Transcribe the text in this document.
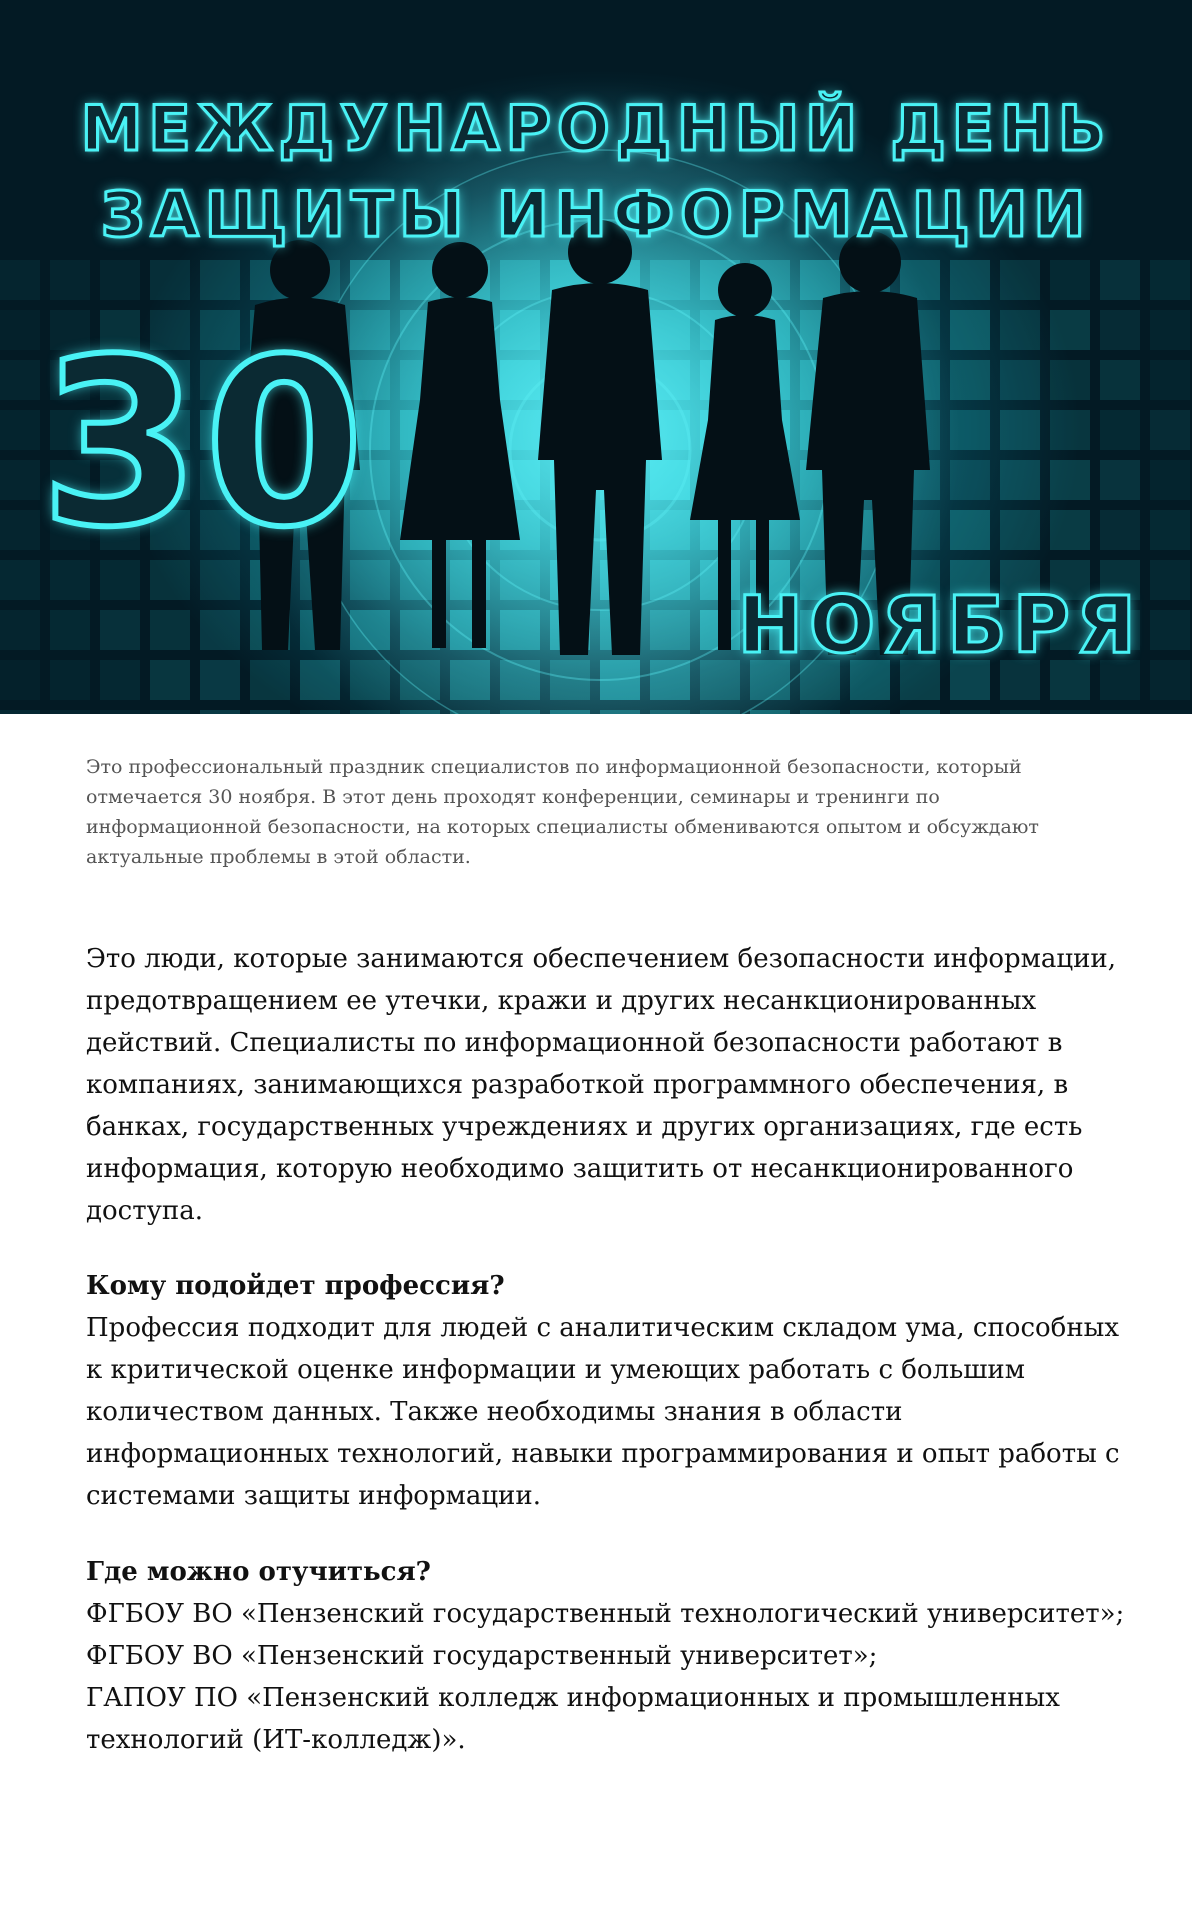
МЕЖДУНАРОДНЫЙ ДЕНЬ
ЗАЩИТЫ ИНФОРМАЦИИ
30
НОЯБРЯ

Это профессиональный праздник специалистов по информационной безопасности, который отмечается 30 ноября. В этот день проходят конференции, семинары и тренинги по информационной безопасности, на которых специалисты обмениваются опытом и обсуждают актуальные проблемы в этой области.

Это люди, которые занимаются обеспечением безопасности информации, предотвращением ее утечки, кражи и других несанкционированных действий. Специалисты по информационной безопасности работают в компаниях, занимающихся разработкой программного обеспечения, в банках, государственных учреждениях и других организациях, где есть информация, которую необходимо защитить от несанкционированного доступа.

Кому подойдет профессия?

Профессия подходит для людей с аналитическим складом ума, способных к критической оценке информации и умеющих работать с большим количеством данных. Также необходимы знания в области информационных технологий, навыки программирования и опыт работы с системами защиты информации.

Где можно отучиться?

ФГБОУ ВО «Пензенский государственный технологический университет»;
ФГБОУ ВО «Пензенский государственный университет»;
ГАПОУ ПО «Пензенский колледж информационных и промышленных технологий (ИТ-колледж)».
